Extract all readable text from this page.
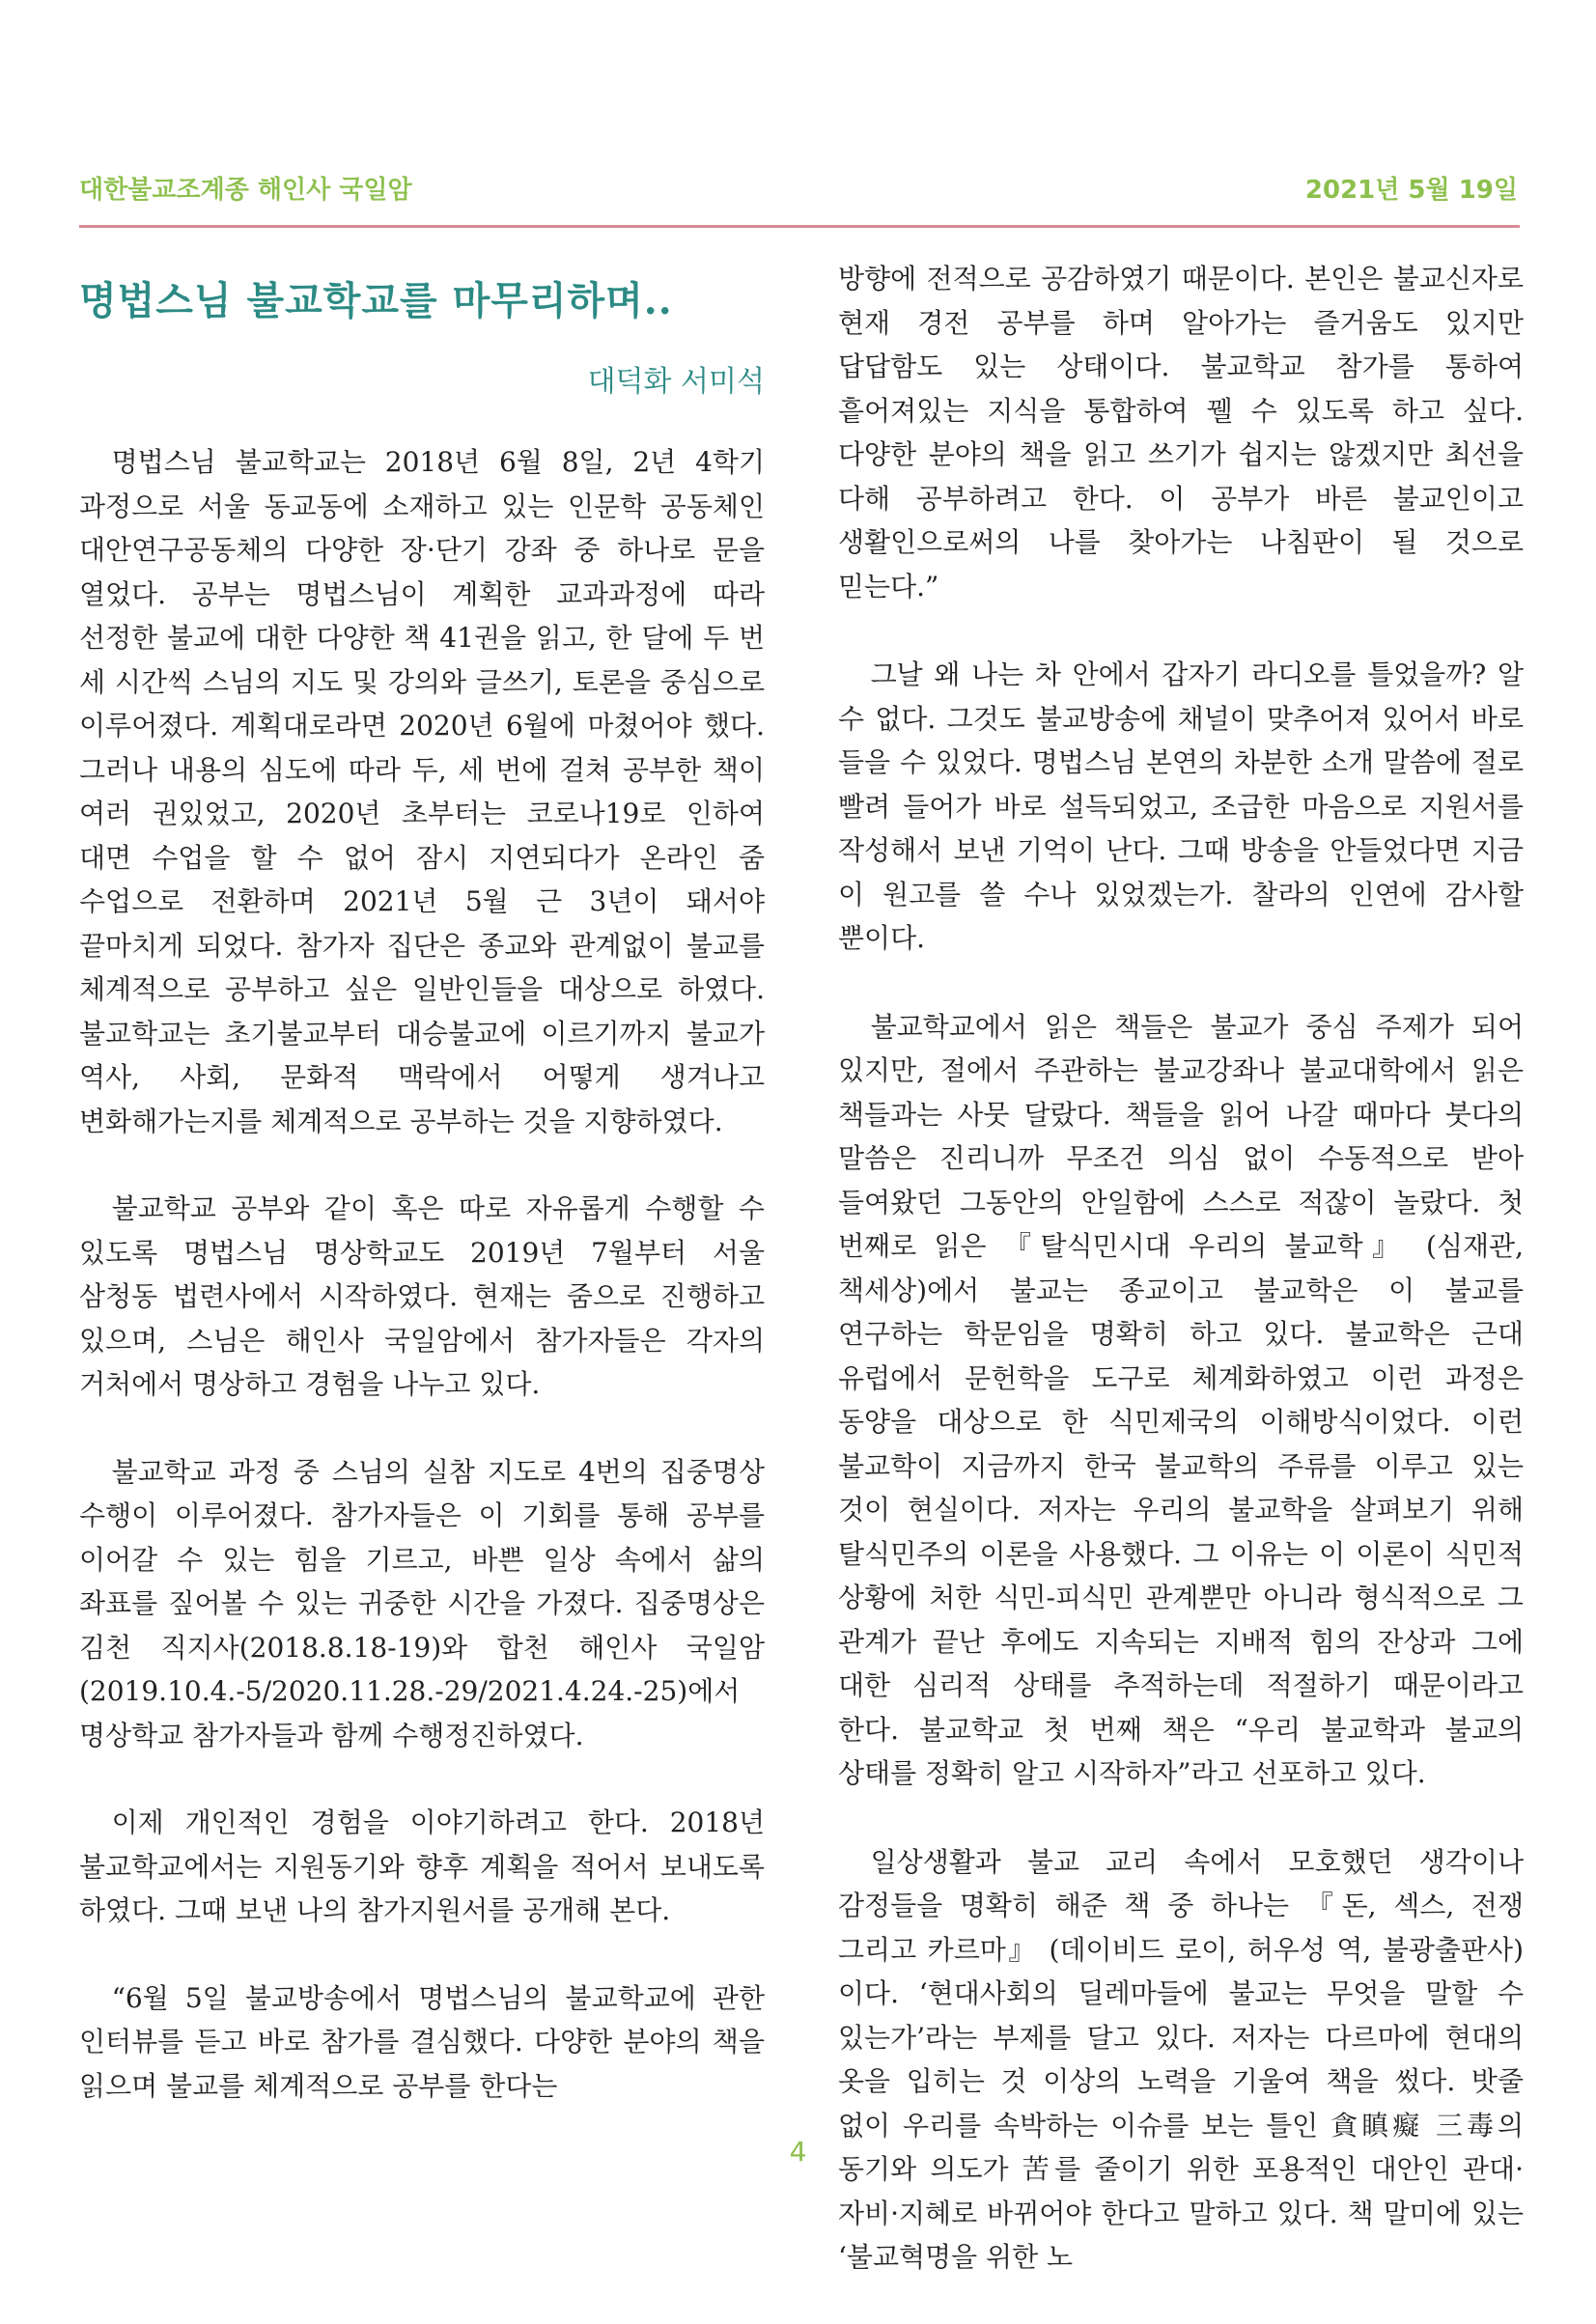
대한불교조계종 해인사 국일암	2021년 5월 19일
명법스님 불교학교를 마무리하며..
대덕화 서미석

명법스님 불교학교는 2018년 6월 8일, 2년 4학기 과정으로 서울 동교동에 소재하고 있는 인문학 공동체인 대안연구공동체의 다양한 장·단기 강좌 중 하나로 문을 열었다. 공부는 명법스님이 계획한 교과과정에 따라 선정한 불교에 대한 다양한 책 41권을 읽고, 한 달에 두 번 세 시간씩 스님의 지도 및 강의와 글쓰기, 토론을 중심으로 이루어졌다. 계획대로라면 2020년 6월에 마쳤어야 했다. 그러나 내용의 심도에 따라 두, 세 번에 걸쳐 공부한 책이 여러 권있었고, 2020년 초부터는 코로나19로 인하여 대면 수업을 할 수 없어 잠시 지연되다가 온라인 줌 수업으로 전환하며 2021년 5월 근 3년이 돼서야 끝마치게 되었다. 참가자 집단은 종교와 관계없이 불교를 체계적으로 공부하고 싶은 일반인들을 대상으로 하였다. 불교학교는 초기불교부터 대승불교에 이르기까지 불교가 역사, 사회, 문화적 맥락에서 어떻게 생겨나고 변화해가는지를 체계적으로 공부하는 것을 지향하였다.

불교학교 공부와 같이 혹은 따로 자유롭게 수행할 수 있도록 명법스님 명상학교도 2019년 7월부터 서울 삼청동 법련사에서 시작하였다. 현재는 줌으로 진행하고 있으며, 스님은 해인사 국일암에서 참가자들은 각자의 거처에서 명상하고 경험을 나누고 있다.

불교학교 과정 중 스님의 실참 지도로 4번의 집중명상 수행이 이루어졌다. 참가자들은 이 기회를 통해 공부를 이어갈 수 있는 힘을 기르고, 바쁜 일상 속에서 삶의 좌표를 짚어볼 수 있는 귀중한 시간을 가졌다. 집중명상은 김천 직지사(2018.8.18-19)와 합천 해인사 국일암(2019.10.4.-5/2020.11.28.-29/2021.4.24.-25)에서 명상학교 참가자들과 함께 수행정진하였다.

이제 개인적인 경험을 이야기하려고 한다. 2018년 불교학교에서는 지원동기와 향후 계획을 적어서 보내도록 하였다. 그때 보낸 나의 참가지원서를 공개해 본다.

“6월 5일 불교방송에서 명법스님의 불교학교에 관한 인터뷰를 듣고 바로 참가를 결심했다. 다양한 분야의 책을 읽으며 불교를 체계적으로 공부를 한다는

방향에 전적으로 공감하였기 때문이다. 본인은 불교신자로 현재 경전 공부를 하며 알아가는 즐거움도 있지만 답답함도 있는 상태이다. 불교학교 참가를 통하여 흩어져있는 지식을 통합하여 꿸 수 있도록 하고 싶다. 다양한 분야의 책을 읽고 쓰기가 쉽지는 않겠지만 최선을 다해 공부하려고 한다. 이 공부가 바른 불교인이고 생활인으로써의 나를 찾아가는 나침판이 될 것으로 믿는다.”

그날 왜 나는 차 안에서 갑자기 라디오를 틀었을까? 알 수 없다. 그것도 불교방송에 채널이 맞추어져 있어서 바로 들을 수 있었다. 명법스님 본연의 차분한 소개 말씀에 절로 빨려 들어가 바로 설득되었고, 조급한 마음으로 지원서를 작성해서 보낸 기억이 난다. 그때 방송을 안들었다면 지금 이 원고를 쓸 수나 있었겠는가. 찰라의 인연에 감사할 뿐이다.

불교학교에서 읽은 책들은 불교가 중심 주제가 되어 있지만, 절에서 주관하는 불교강좌나 불교대학에서 읽은 책들과는 사뭇 달랐다. 책들을 읽어 나갈 때마다 붓다의 말씀은 진리니까 무조건 의심 없이 수동적으로 받아 들여왔던 그동안의 안일함에 스스로 적잖이 놀랐다. 첫 번째로 읽은 『탈식민시대 우리의 불교학』 (심재관, 책세상)에서 불교는 종교이고 불교학은 이 불교를 연구하는 학문임을 명확히 하고 있다. 불교학은 근대 유럽에서 문헌학을 도구로 체계화하였고 이런 과정은 동양을 대상으로 한 식민제국의 이해방식이었다. 이런 불교학이 지금까지 한국 불교학의 주류를 이루고 있는 것이 현실이다. 저자는 우리의 불교학을 살펴보기 위해 탈식민주의 이론을 사용했다. 그 이유는 이 이론이 식민적 상황에 처한 식민-피식민 관계뿐만 아니라 형식적으로 그 관계가 끝난 후에도 지속되는 지배적 힘의 잔상과 그에 대한 심리적 상태를 추적하는데 적절하기 때문이라고 한다. 불교학교 첫 번째 책은 “우리 불교학과 불교의 상태를 정확히 알고 시작하자”라고 선포하고 있다.

일상생활과 불교 교리 속에서 모호했던 생각이나 감정들을 명확히 해준 책 중 하나는 『돈, 섹스, 전쟁 그리고 카르마』 (데이비드 로이, 허우성 역, 불광출판사)이다. ‘현대사회의 딜레마들에 불교는 무엇을 말할 수 있는가’라는 부제를 달고 있다. 저자는 다르마에 현대의 옷을 입히는 것 이상의 노력을 기울여 책을 썼다. 밧줄 없이 우리를 속박하는 이슈를 보는 틀인 貪瞋癡 三毒의 동기와 의도가 苦를 줄이기 위한 포용적인 대안인 관대·자비·지혜로 바뀌어야 한다고 말하고 있다. 책 말미에 있는 ‘불교혁명을 위한 노

4
